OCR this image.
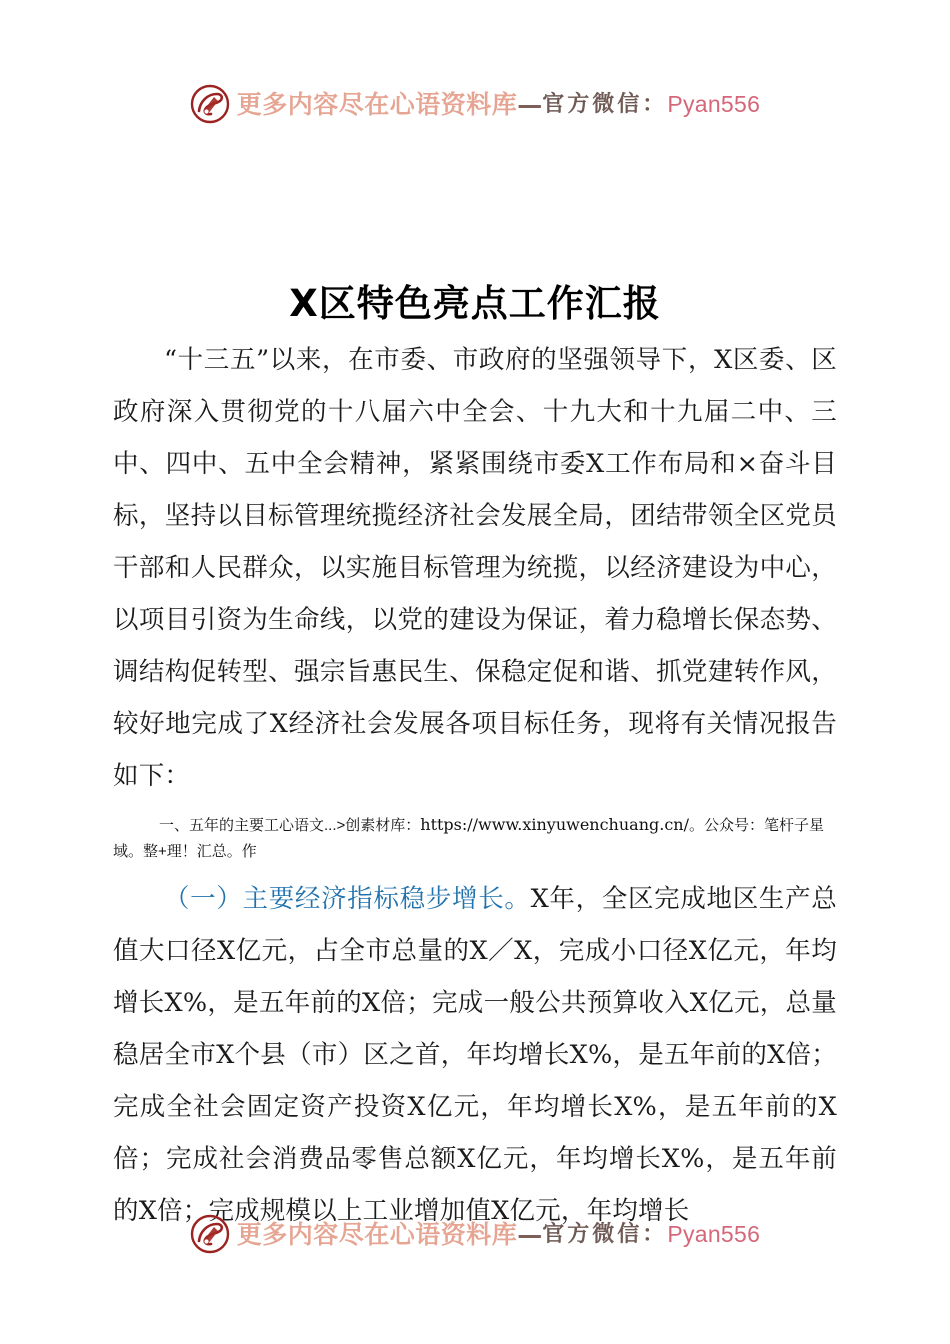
更多内容尽在心语资料库 — 官方微信： Pyan556
X区特色亮点工作汇报

“十三五”以来，在市委、市政府的坚强领导下，X区委、区政府深入贯彻党的十八届六中全会、十九大和十九届二中、三中、四中、五中全会精神，紧紧围绕市委X工作布局和×奋斗目标，坚持以目标管理统揽经济社会发展全局，团结带领全区党员干部和人民群众，以实施目标管理为统揽，以经济建设为中心，以项目引资为生命线，以党的建设为保证，着力稳增长保态势、调结构促转型、强宗旨惠民生、保稳定促和谐、抓党建转作风，较好地完成了X经济社会发展各项目标任务，现将有关情况报告如下：

一、五年的主要工心语文...>创素材库：https://www.xinyuwenchuang.cn/。公众号：笔杆子星域。整+理！汇总。作

（一）主要经济指标稳步增长。X年，全区完成地区生产总值大口径X亿元，占全市总量的X／X，完成小口径X亿元，年均增长X%，是五年前的X倍；完成一般公共预算收入X亿元，总量稳居全市X个县（市）区之首，年均增长X%，是五年前的X倍；完成全社会固定资产投资X亿元，年均增长X%，是五年前的X倍；完成社会消费品零售总额X亿元，年均增长X%，是五年前的X倍；完成规模以上工业增加值X亿元，年均增长

更多内容尽在心语资料库 — 官方微信： Pyan556
